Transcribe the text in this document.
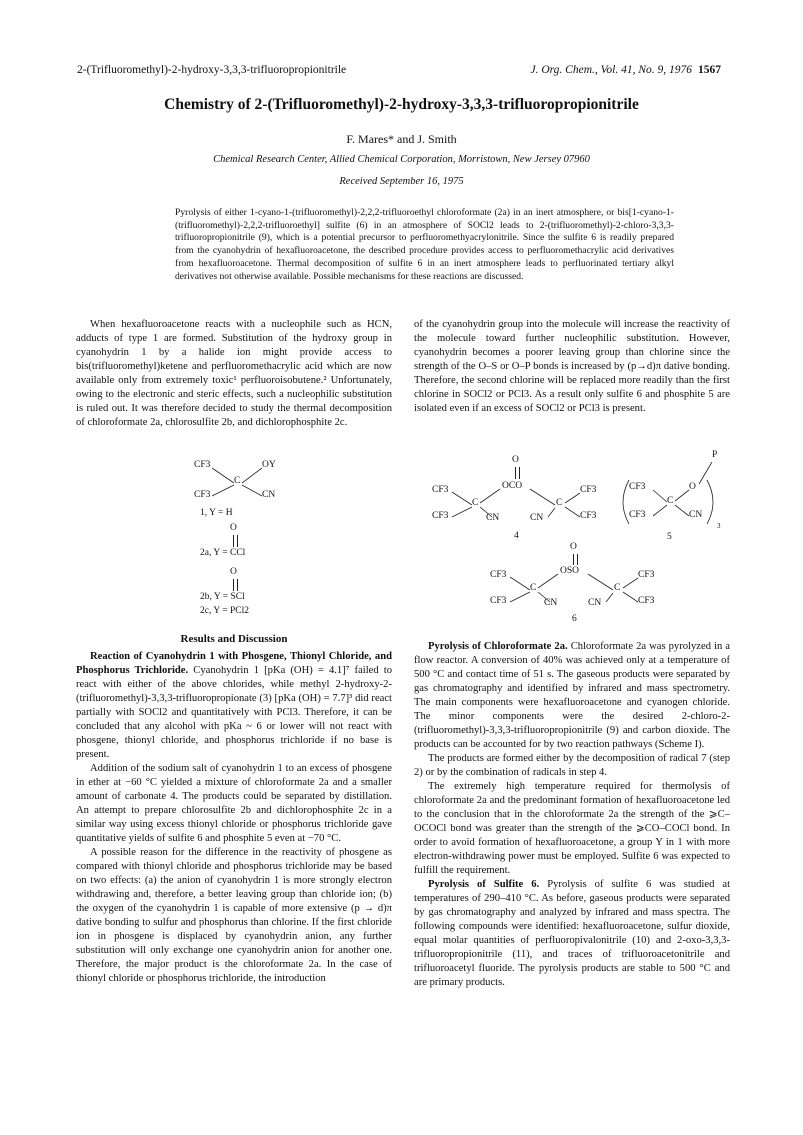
2-(Trifluoromethyl)-2-hydroxy-3,3,3-trifluoropropionitrile	J. Org. Chem., Vol. 41, No. 9, 1976 1567
Chemistry of 2-(Trifluoromethyl)-2-hydroxy-3,3,3-trifluoropropionitrile
F. Mares* and J. Smith
Chemical Research Center, Allied Chemical Corporation, Morristown, New Jersey 07960
Received September 16, 1975
Pyrolysis of either 1-cyano-1-(trifluoromethyl)-2,2,2-trifluoroethyl chloroformate (2a) in an inert atmosphere, or bis[1-cyano-1-(trifluoromethyl)-2,2,2-trifluoroethyl] sulfite (6) in an atmosphere of SOCl2 leads to 2-(trifluoromethyl)-2-chloro-3,3,3-trifluoropropionitrile (9), which is a potential precursor to perfluoromethyacrylonitrile. Since the sulfite 6 is readily prepared from the cyanohydrin of hexafluoroacetone, the described procedure provides access to perfluoromethacrylic acid derivatives from hexafluoroacetone. Thermal decomposition of sulfite 6 in an inert atmosphere leads to perfluorinated tertiary alkyl derivatives not otherwise available. Possible mechanisms for these reactions are discussed.

When hexafluoroacetone reacts with a nucleophile such as HCN, adducts of type 1 are formed. Substitution of the hydroxy group in cyanohydrin 1 by a halide ion might provide access to bis(trifluoromethyl)ketene and perfluoromethacrylic acid which are now available only from extremely toxic¹ perfluoroisobutene.² Unfortunately, owing to the electronic and steric effects, such a nucleophilic substitution is ruled out. It was therefore decided to study the thermal decomposition of chloroformate 2a, chlorosulfite 2b, and dichlorophosphite 2c.

CF3
CF3
C
OY
CN
1, Y = H
O
2a, Y = CCl
O
2b, Y = SCl
2c, Y = PCl2
Results and Discussion

Reaction of Cyanohydrin 1 with Phosgene, Thionyl Chloride, and Phosphorus Trichloride. Cyanohydrin 1 [pKa (OH) = 4.1]⁷ failed to react with either of the above chlorides, while methyl 2-hydroxy-2-(trifluoromethyl)-3,3,3-trifluoropropionate (3) [pKa (OH) = 7.7]³ did react partially with SOCl2 and quantitatively with PCl3. Therefore, it can be concluded that any alcohol with pKa ~ 6 or lower will not react with phosgene, thionyl chloride, and phosphorus trichloride if no base is present.

Addition of the sodium salt of cyanohydrin 1 to an excess of phosgene in ether at −60 °C yielded a mixture of chloroformate 2a and a smaller amount of carbonate 4. The products could be separated by distillation. An attempt to prepare chlorosulfite 2b and dichlorophosphite 2c in a similar way using excess thionyl chloride or phosphorus trichloride gave quantitative yields of sulfite 6 and phosphite 5 even at −70 °C.

A possible reason for the difference in the reactivity of phosgene as compared with thionyl chloride and phosphorus trichloride may be based on two effects: (a) the anion of cyanohydrin 1 is more strongly electron withdrawing and, therefore, a better leaving group than chloride ion; (b) the oxygen of the cyanohydrin 1 is capable of more extensive (p → d)π dative bonding to sulfur and phosphorus than chlorine. If the first chloride ion in phosgene is displaced by cyanohydrin anion, any further substitution will only exchange one cyanohydrin anion for another one. Therefore, the major product is the chloroformate 2a. In the case of thionyl chloride or phosphorus trichloride, the introduction

of the cyanohydrin group into the molecule will increase the reactivity of the molecule toward further nucleophilic substitution. However, cyanohydrin becomes a poorer leaving group than chlorine since the strength of the O–S or O–P bonds is increased by (p→d)π dative bonding. Therefore, the second chlorine will be replaced more readily than the first chlorine in SOCl2 or PCl3. As a result only sulfite 6 and phosphite 5 are isolated even if an excess of SOCl2 or PCl3 is present.

O
OCO
CF3
CF3
C
CN	CN
C
CF3
CF3
4
P
CF3
CF3
C
O
CN
3
5
O
OSO
CF3
CF3
C
CN	CN
C
CF3
CF3
6

Pyrolysis of Chloroformate 2a. Chloroformate 2a was pyrolyzed in a flow reactor. A conversion of 40% was achieved only at a temperature of 500 °C and contact time of 51 s. The gaseous products were separated by gas chromatography and identified by infrared and mass spectrometry. The main components were hexafluoroacetone and cyanogen chloride. The minor components were the desired 2-chloro-2-(trifluoromethyl)-3,3,3-trifluoropropionitrile (9) and carbon dioxide. The products can be accounted for by two reaction pathways (Scheme I).

The products are formed either by the decomposition of radical 7 (step 2) or by the combination of radicals in step 4.

The extremely high temperature required for thermolysis of chloroformate 2a and the predominant formation of hexafluoroacetone led to the conclusion that in the chloroformate 2a the strength of the ⩾C–OCOCl bond was greater than the strength of the ⩾CO–COCl bond. In order to avoid formation of hexafluoroacetone, a group Y in 1 with more electron-withdrawing power must be employed. Sulfite 6 was expected to fulfill the requirement.

Pyrolysis of Sulfite 6. Pyrolysis of sulfite 6 was studied at temperatures of 290–410 °C. As before, gaseous products were separated by gas chromatography and analyzed by infrared and mass spectra. The following compounds were identified: hexafluoroacetone, sulfur dioxide, equal molar quantities of perfluoropivalonitrile (10) and 2-oxo-3,3,3-trifluoropropionitrile (11), and traces of trifluoroacetonitrile and trifluoroacetyl fluoride. The pyrolysis products are stable to 500 °C and are primary products.
